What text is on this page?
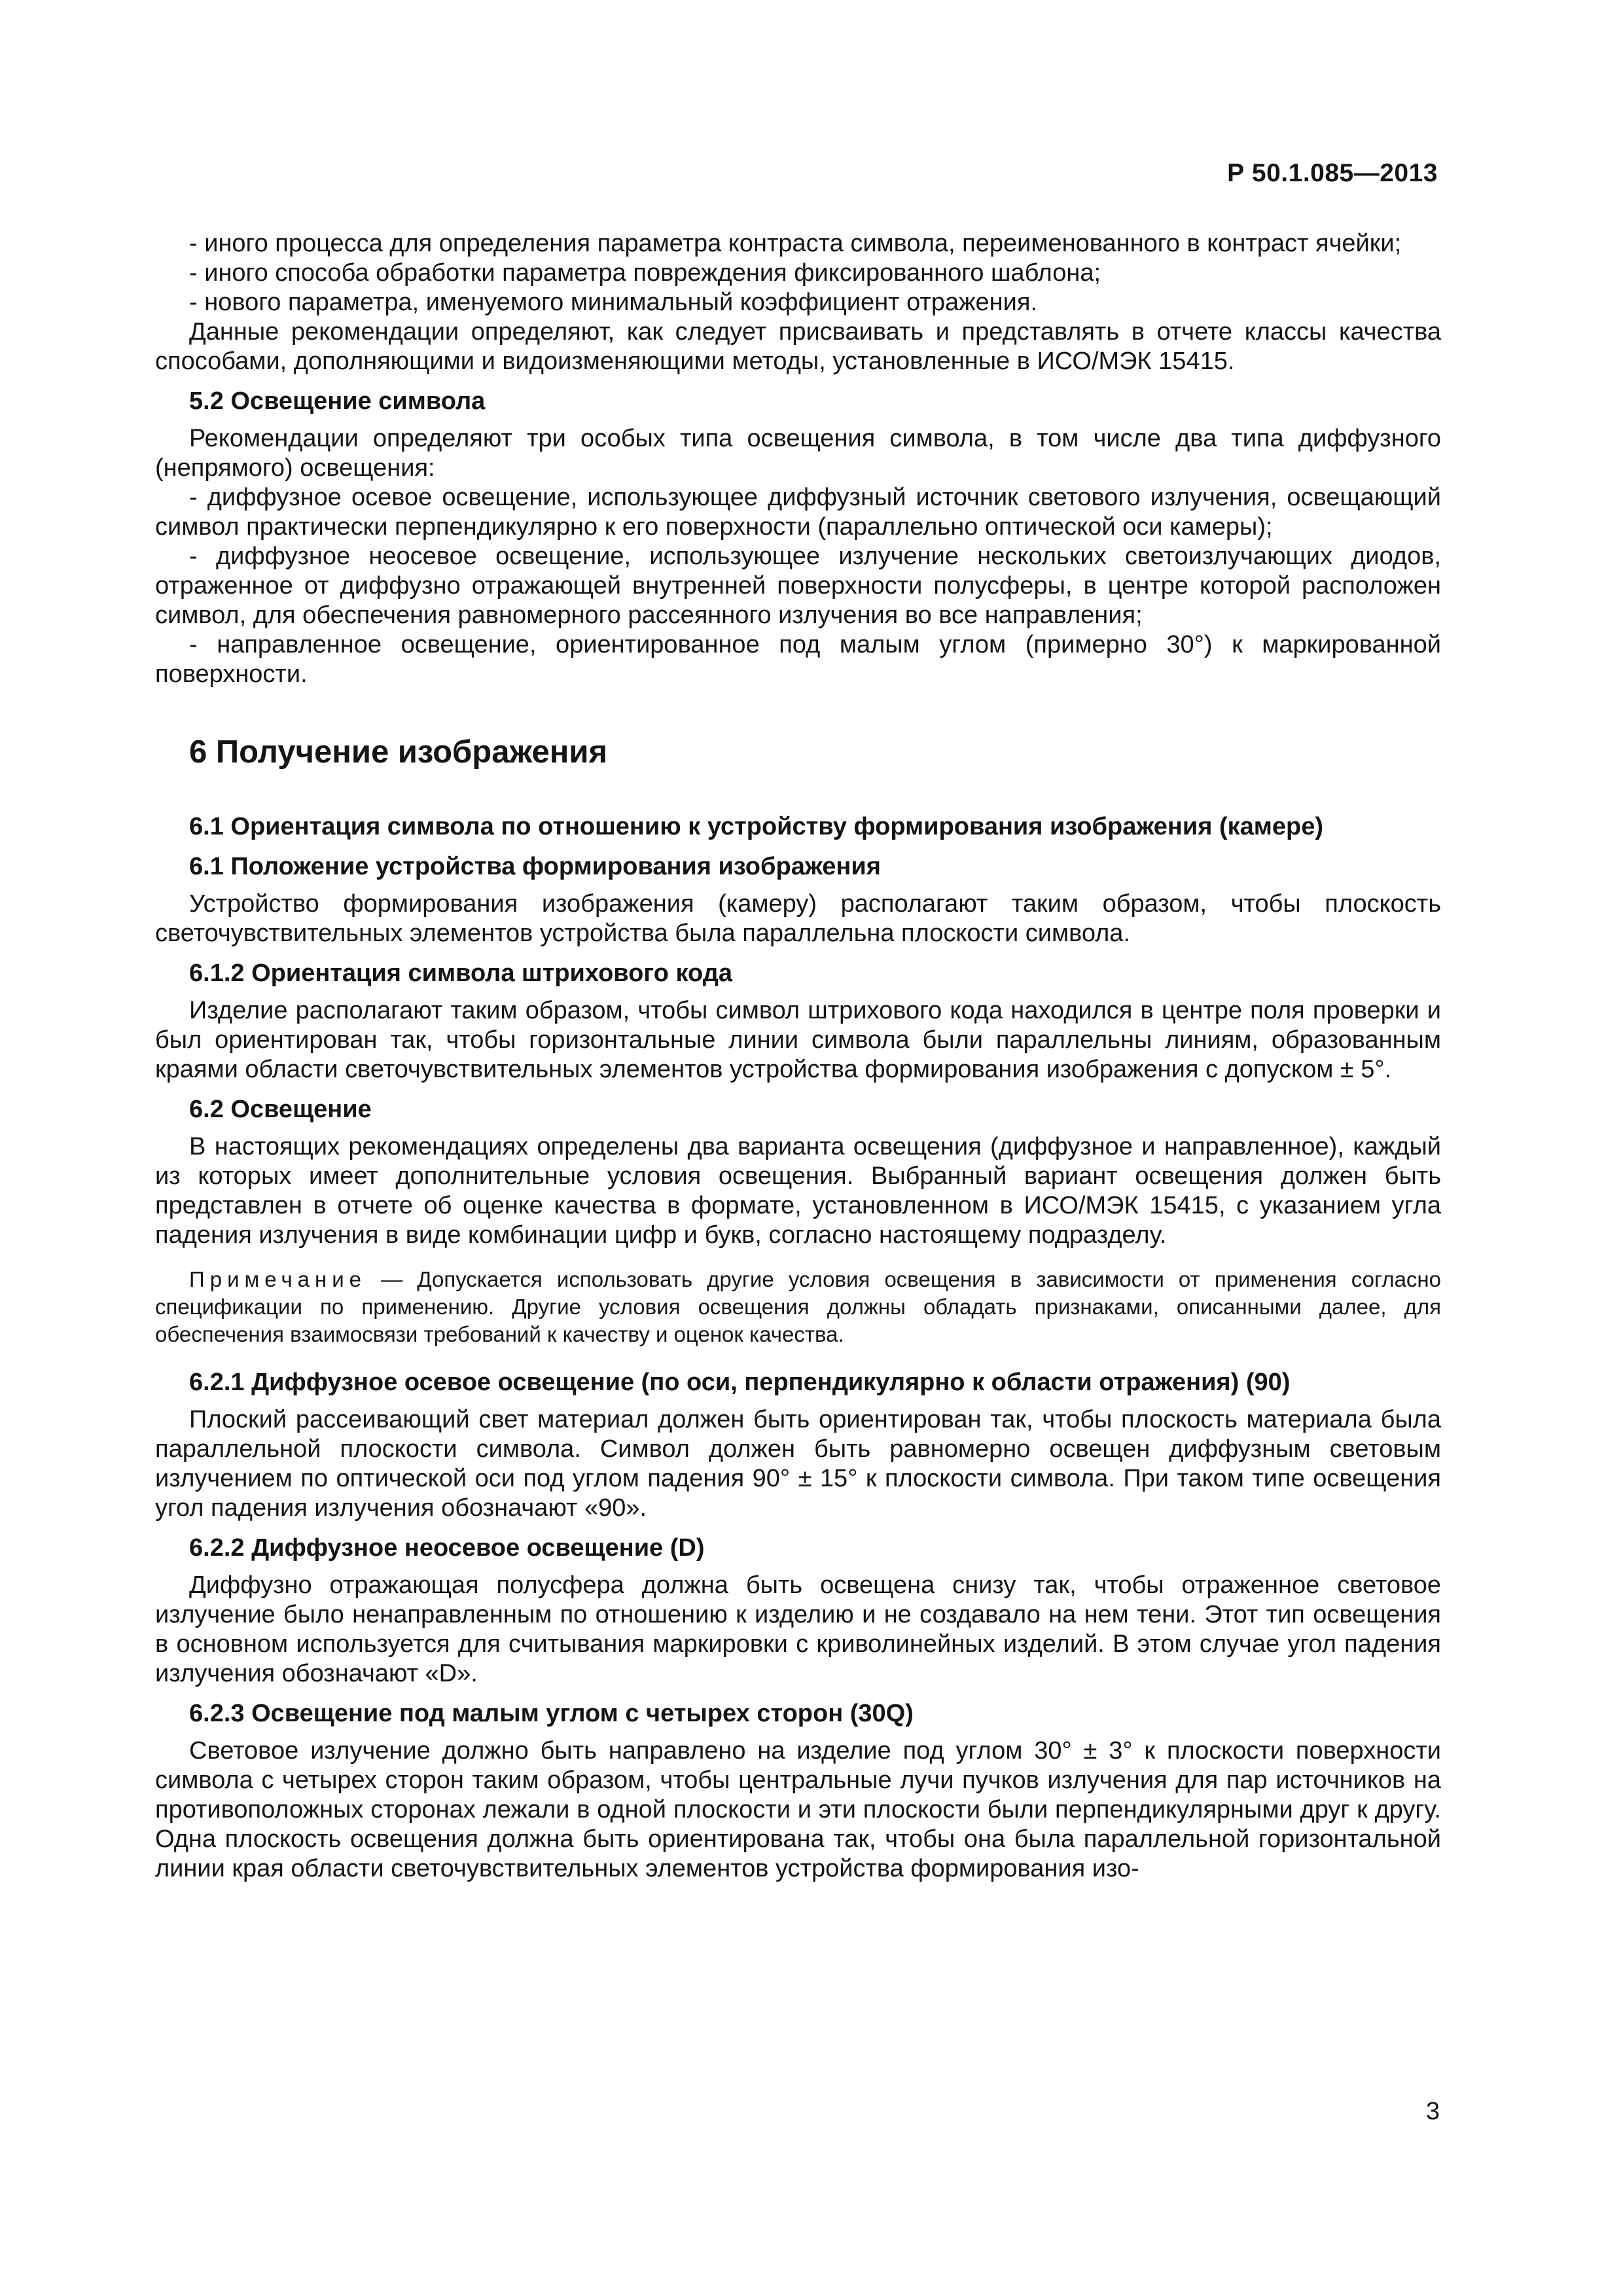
Р 50.1.085—2013

- иного процесса для определения параметра контраста символа, переименованного в контраст ячейки;

- иного способа обработки параметра повреждения фиксированного шаблона;

- нового параметра, именуемого минимальный коэффициент отражения.

Данные рекомендации определяют, как следует присваивать и представлять в отчете классы качества способами, дополняющими и видоизменяющими методы, установленные в ИСО/МЭК 15415.

5.2 Освещение символа

Рекомендации определяют три особых типа освещения символа, в том числе два типа диффузного (непрямого) освещения:

- диффузное осевое освещение, использующее диффузный источник светового излучения, освещающий символ практически перпендикулярно к его поверхности (параллельно оптической оси камеры);

- диффузное неосевое освещение, использующее излучение нескольких светоизлучающих диодов, отраженное от диффузно отражающей внутренней поверхности полусферы, в центре которой расположен символ, для обеспечения равномерного рассеянного излучения во все направления;

- направленное освещение, ориентированное под малым углом (примерно 30°) к маркированной поверхности.

6 Получение изображения

6.1 Ориентация символа по отношению к устройству формирования изображения (камере)

6.1 Положение устройства формирования изображения

Устройство формирования изображения (камеру) располагают таким образом, чтобы плоскость светочувствительных элементов устройства была параллельна плоскости символа.

6.1.2 Ориентация символа штрихового кода

Изделие располагают таким образом, чтобы символ штрихового кода находился в центре поля проверки и был ориентирован так, чтобы горизонтальные линии символа были параллельны линиям, образованным краями области светочувствительных элементов устройства формирования изображения с допуском ± 5°.

6.2 Освещение

В настоящих рекомендациях определены два варианта освещения (диффузное и направленное), каждый из которых имеет дополнительные условия освещения. Выбранный вариант освещения должен быть представлен в отчете об оценке качества в формате, установленном в ИСО/МЭК 15415, с указанием угла падения излучения в виде комбинации цифр и букв, согласно настоящему подразделу.

Примечание — Допускается использовать другие условия освещения в зависимости от применения согласно спецификации по применению. Другие условия освещения должны обладать признаками, описанными далее, для обеспечения взаимосвязи требований к качеству и оценок качества.

6.2.1 Диффузное осевое освещение (по оси, перпендикулярно к области отражения) (90)

Плоский рассеивающий свет материал должен быть ориентирован так, чтобы плоскость материала была параллельной плоскости символа. Символ должен быть равномерно освещен диффузным световым излучением по оптической оси под углом падения 90° ± 15° к плоскости символа. При таком типе освещения угол падения излучения обозначают «90».

6.2.2 Диффузное неосевое освещение (D)

Диффузно отражающая полусфера должна быть освещена снизу так, чтобы отраженное световое излучение было ненаправленным по отношению к изделию и не создавало на нем тени. Этот тип освещения в основном используется для считывания маркировки с криволинейных изделий. В этом случае угол падения излучения обозначают «D».

6.2.3 Освещение под малым углом с четырех сторон (30Q)

Световое излучение должно быть направлено на изделие под углом 30° ± 3° к плоскости поверхности символа с четырех сторон таким образом, чтобы центральные лучи пучков излучения для пар источников на противоположных сторонах лежали в одной плоскости и эти плоскости были перпендикулярными друг к другу. Одна плоскость освещения должна быть ориентирована так, чтобы она была параллельной горизонтальной линии края области светочувствительных элементов устройства формирования изо-

3
